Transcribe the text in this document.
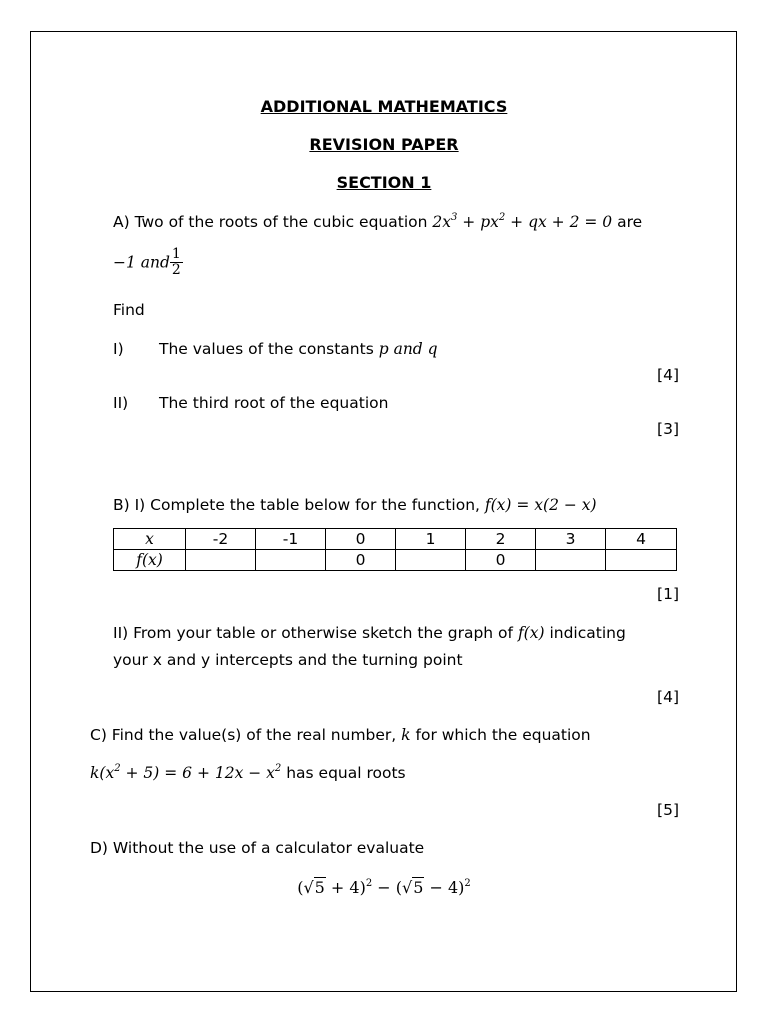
ADDITIONAL MATHEMATICS
REVISION PAPER
SECTION 1
A) Two of the roots of the cubic equation $2x^3 + px^2$ + qx + 2 = 0 are
−1 and $\frac{1}{2}$
Find
I) The values of the constants p and q
[4]
II) The third root of the equation
[3]
B) I) Complete the table below for the function, f(x) = x(2 − x)
x	-2	-1	0	1	2	3	4
f(x)			0		0		
[1]
II) From your table or otherwise sketch the graph of f(x) indicating
your x and y intercepts and the turning point
[4]
C) Find the value(s) of the real number, k for which the equation
$k(x^2 + 5) = 6 + 12x - x^2$ has equal roots
[5]
D) Without the use of a calculator evaluate
$(√5 + 4)^2 - (√5 - 4)^2$
